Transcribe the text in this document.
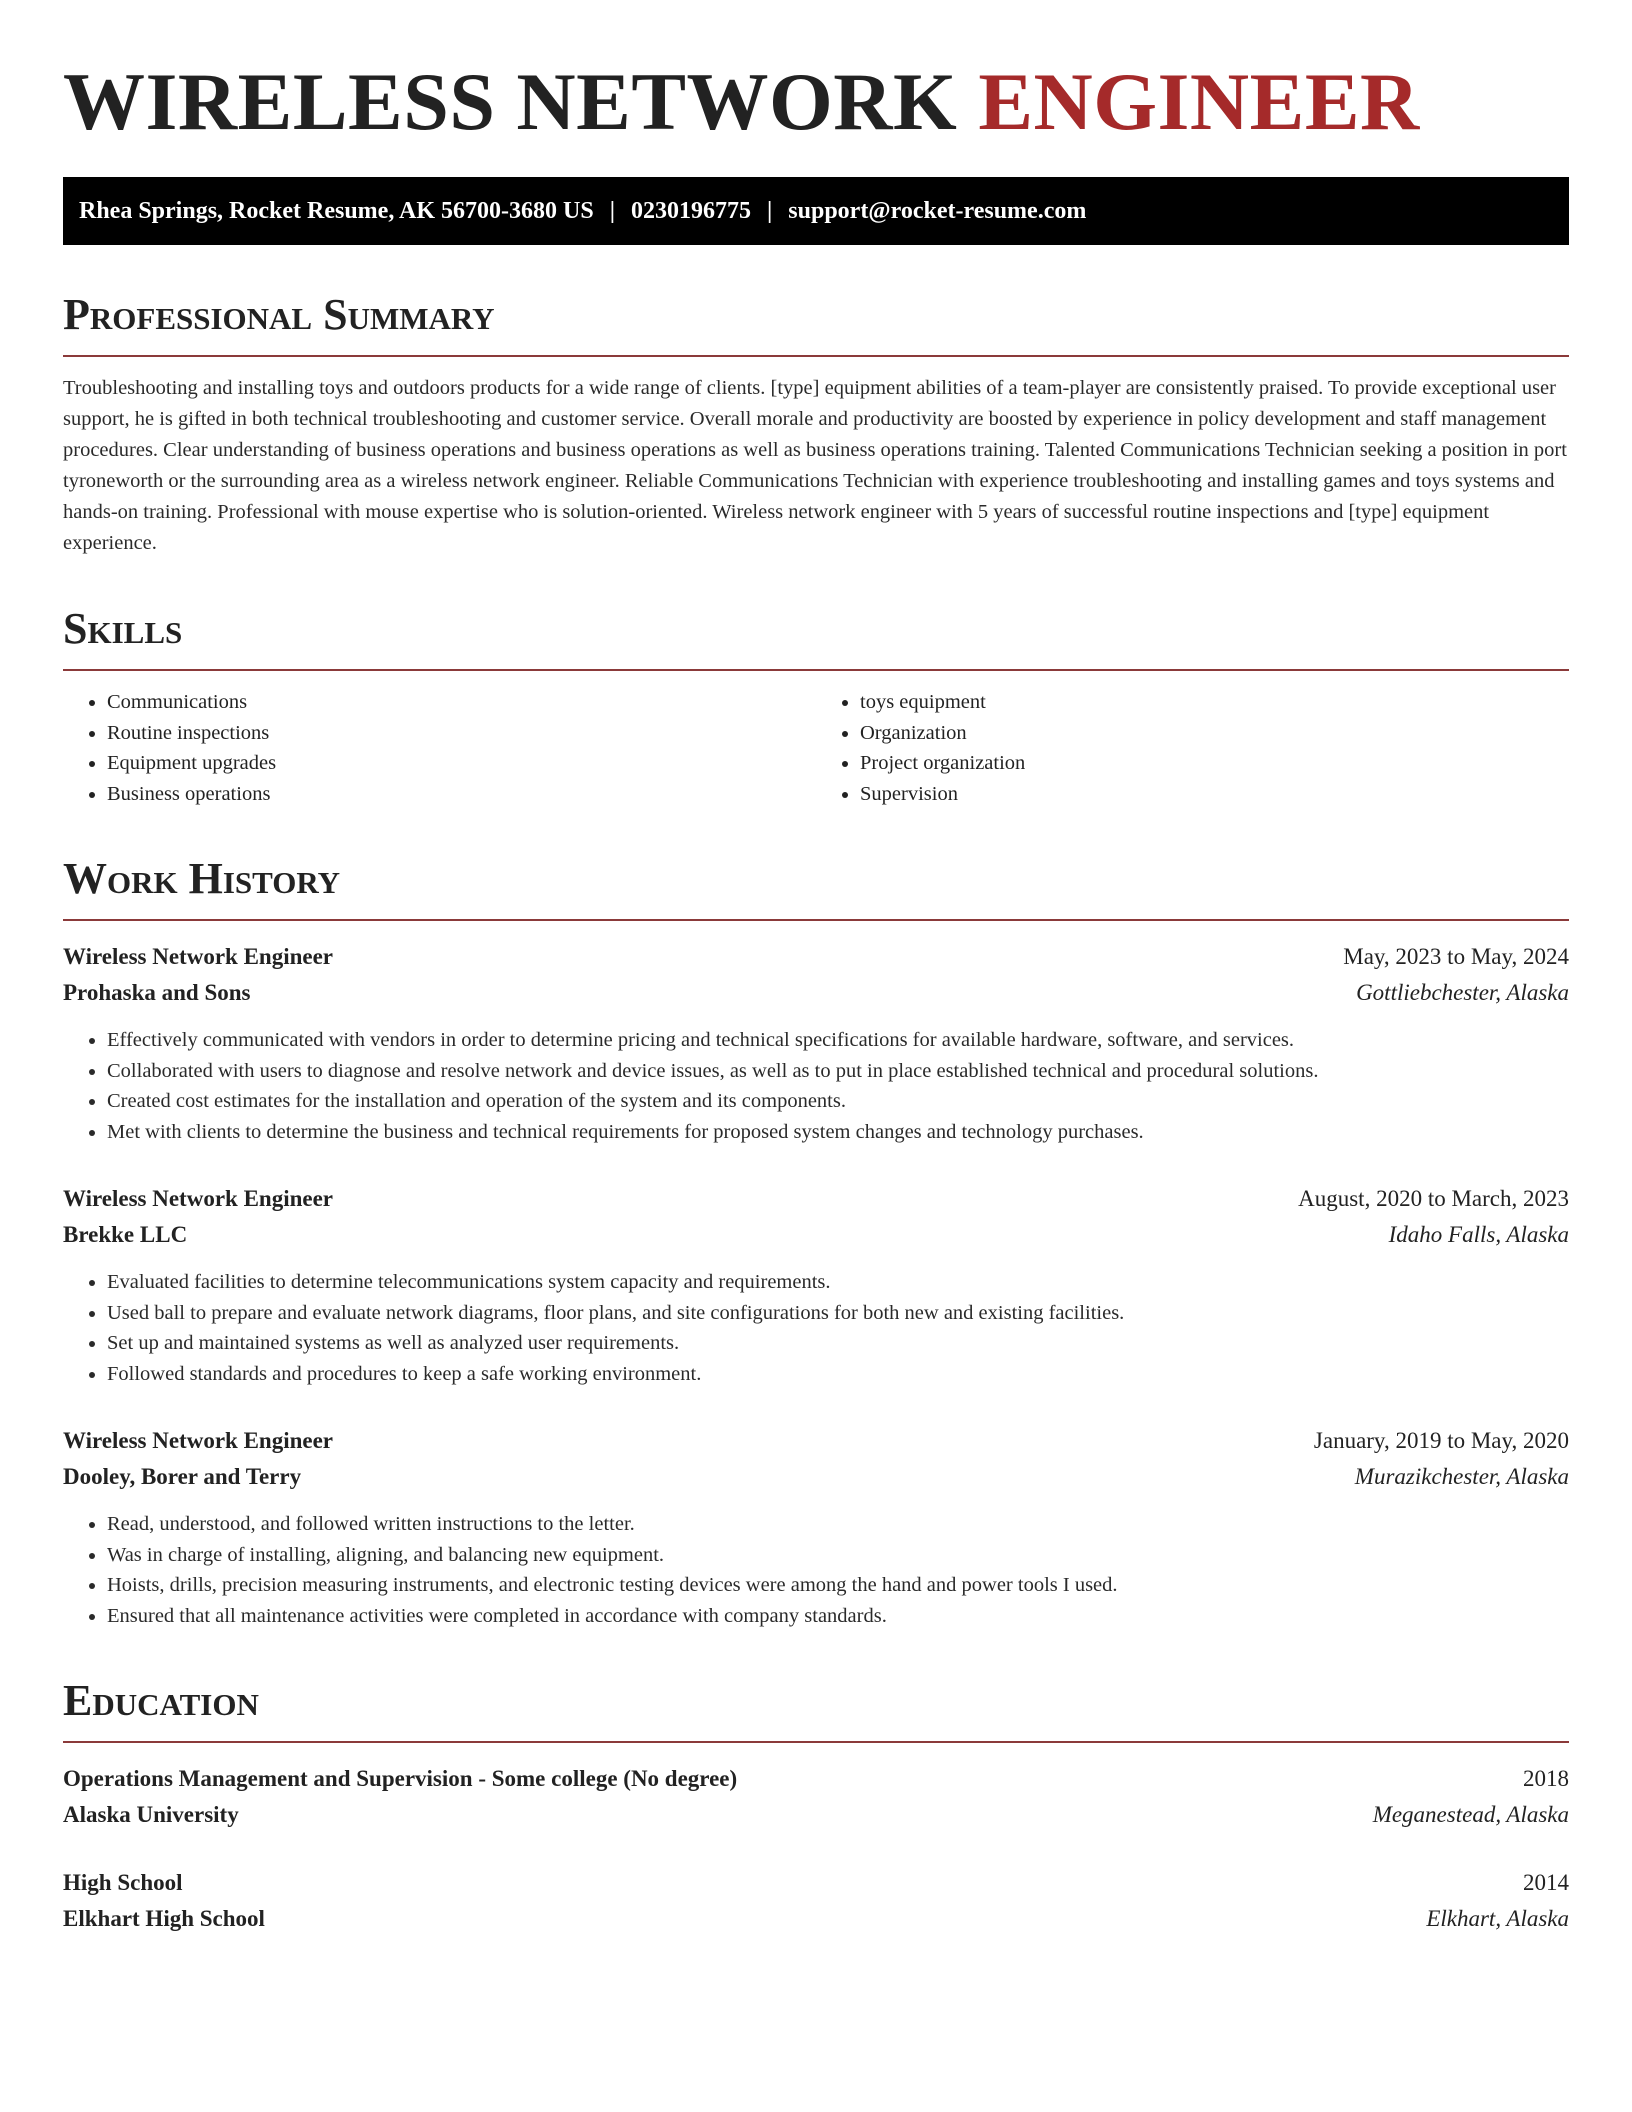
WIRELESS NETWORK ENGINEER
Rhea Springs, Rocket Resume, AK 56700-3680 US | 0230196775 | support@rocket-resume.com
Professional Summary

Troubleshooting and installing toys and outdoors products for a wide range of clients. [type] equipment abilities of a team-player are consistently praised. To provide exceptional user support, he is gifted in both technical troubleshooting and customer service. Overall morale and productivity are boosted by experience in policy development and staff management procedures. Clear understanding of business operations and business operations as well as business operations training. Talented Communications Technician seeking a position in port tyroneworth or the surrounding area as a wireless network engineer. Reliable Communications Technician with experience troubleshooting and installing games and toys systems and hands-on training. Professional with mouse expertise who is solution-oriented. Wireless network engineer with 5 years of successful routine inspections and [type] equipment experience.

Skills
• Communications
• Routine inspections
• Equipment upgrades
• Business operations
• toys equipment
• Organization
• Project organization
• Supervision
Work History
Wireless Network Engineer	May, 2023 to May, 2024
Prohaska and Sons	Gottliebchester, Alaska
• Effectively communicated with vendors in order to determine pricing and technical specifications for available hardware, software, and services.
• Collaborated with users to diagnose and resolve network and device issues, as well as to put in place established technical and procedural solutions.
• Created cost estimates for the installation and operation of the system and its components.
• Met with clients to determine the business and technical requirements for proposed system changes and technology purchases.
Wireless Network Engineer	August, 2020 to March, 2023
Brekke LLC	Idaho Falls, Alaska
• Evaluated facilities to determine telecommunications system capacity and requirements.
• Used ball to prepare and evaluate network diagrams, floor plans, and site configurations for both new and existing facilities.
• Set up and maintained systems as well as analyzed user requirements.
• Followed standards and procedures to keep a safe working environment.
Wireless Network Engineer	January, 2019 to May, 2020
Dooley, Borer and Terry	Murazikchester, Alaska
• Read, understood, and followed written instructions to the letter.
• Was in charge of installing, aligning, and balancing new equipment.
• Hoists, drills, precision measuring instruments, and electronic testing devices were among the hand and power tools I used.
• Ensured that all maintenance activities were completed in accordance with company standards.
Education
Operations Management and Supervision - Some college (No degree)	2018
Alaska University	Meganestead, Alaska
High School	2014
Elkhart High School	Elkhart, Alaska
